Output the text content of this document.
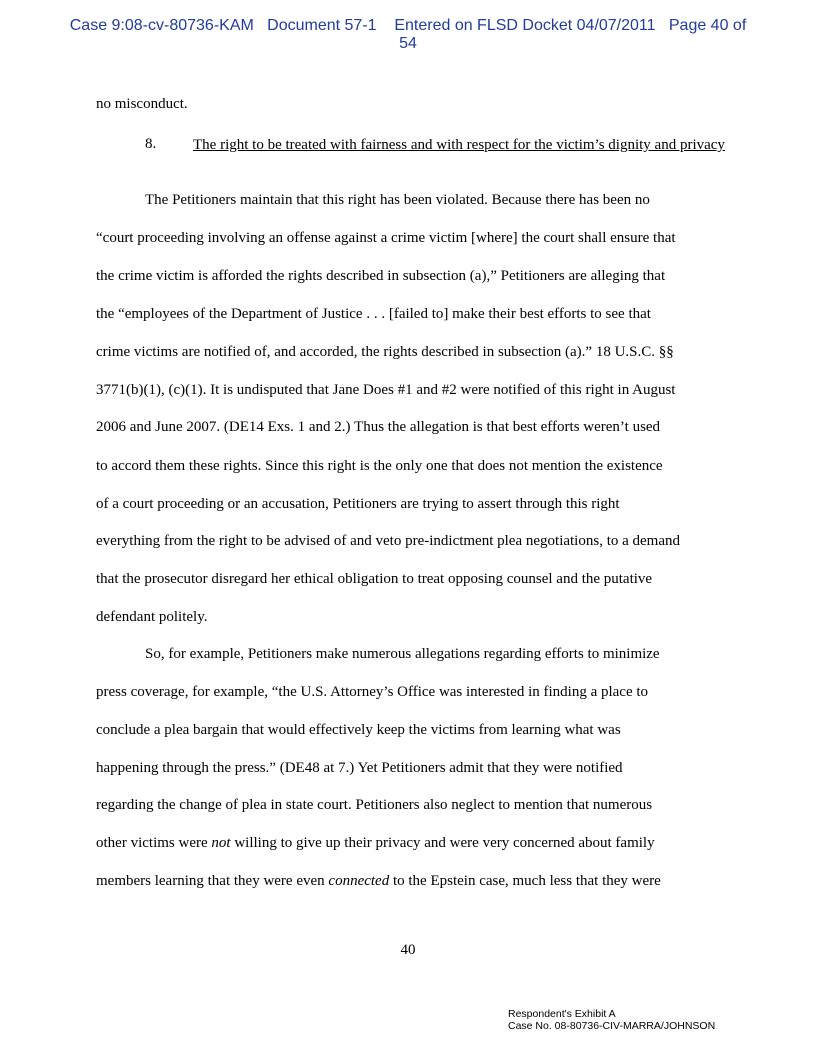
Case 9:08-cv-80736-KAM   Document 57-1    Entered on FLSD Docket 04/07/2011   Page 40 of
54
no misconduct.
8. The right to be treated with fairness and with respect for the victim’s dignity and privacy
The Petitioners maintain that this right has been violated. Because there has been no
“court proceeding involving an offense against a crime victim [where] the court shall ensure that
the crime victim is afforded the rights described in subsection (a),” Petitioners are alleging that
the “employees of the Department of Justice . . . [failed to] make their best efforts to see that
crime victims are notified of, and accorded, the rights described in subsection (a).” 18 U.S.C. §§
3771(b)(1), (c)(1). It is undisputed that Jane Does #1 and #2 were notified of this right in August
2006 and June 2007. (DE14 Exs. 1 and 2.) Thus the allegation is that best efforts weren’t used
to accord them these rights. Since this right is the only one that does not mention the existence
of a court proceeding or an accusation, Petitioners are trying to assert through this right
everything from the right to be advised of and veto pre-indictment plea negotiations, to a demand
that the prosecutor disregard her ethical obligation to treat opposing counsel and the putative
defendant politely.
So, for example, Petitioners make numerous allegations regarding efforts to minimize
press coverage, for example, “the U.S. Attorney’s Office was interested in finding a place to
conclude a plea bargain that would effectively keep the victims from learning what was
happening through the press.” (DE48 at 7.) Yet Petitioners admit that they were notified
regarding the change of plea in state court. Petitioners also neglect to mention that numerous
other victims were not willing to give up their privacy and were very concerned about family
members learning that they were even connected to the Epstein case, much less that they were
40
Respondent's Exhibit A
Case No. 08-80736-CIV-MARRA/JOHNSON
